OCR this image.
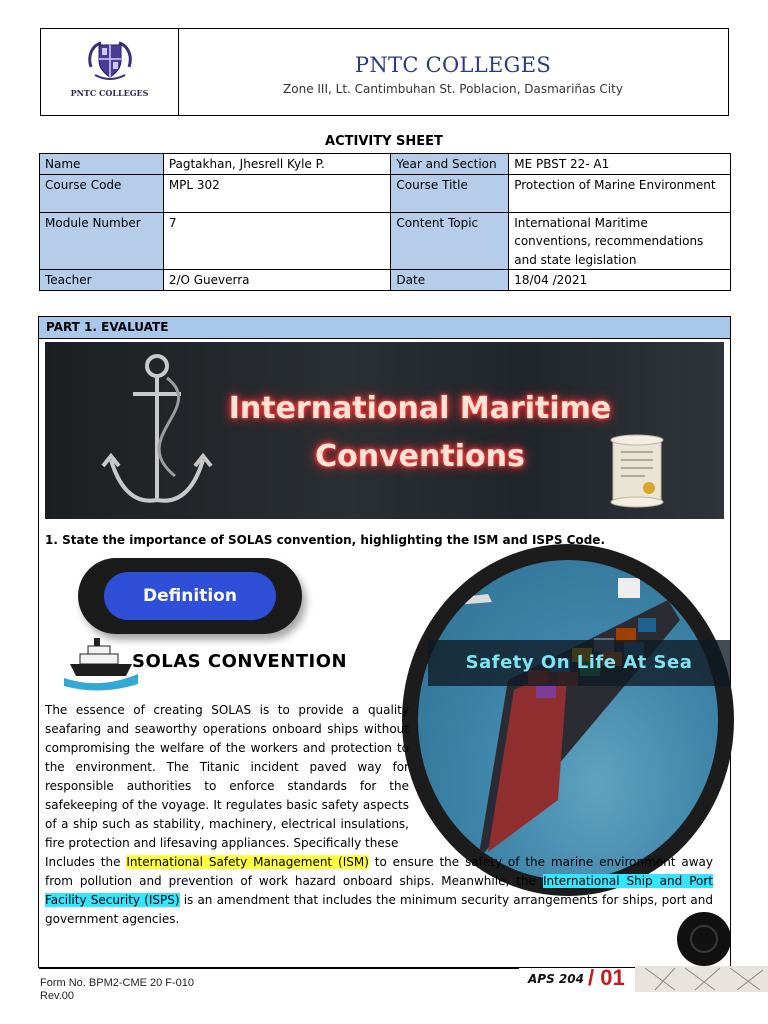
PNTC COLLEGES
PNTC COLLEGES
Zone III, Lt. Cantimbuhan St. Poblacion, Dasmariñas City
ACTIVITY SHEET
Name	Pagtakhan, Jhesrell Kyle P.	Year and Section	ME PBST 22- A1
Course Code	MPL 302	Course Title	Protection of Marine Environment
Module Number	7	Content Topic	International Maritime conventions, recommendations and state legislation
Teacher	2/O Gueverra	Date	18/04 /2021
PART 1. EVALUATE
International Maritime
Conventions
1. State the importance of SOLAS convention, highlighting the ISM and ISPS Code.
Definition
SOLAS CONVENTION	Safety On Life At Sea
The essence of creating SOLAS is to provide a quality seafaring and seaworthy operations onboard ships without compromising the welfare of the workers and protection to the environment. The Titanic incident paved way for responsible authorities to enforce standards for the safekeeping of the voyage. It regulates basic safety aspects of a ship such as stability, machinery, electrical insulations, fire protection and lifesaving appliances. Specifically these
Includes the International Safety Management (ISM) to ensure the safety of the marine environment away from pollution and prevention of work hazard onboard ships. Meanwhile, the International Ship and Port Facility Security (ISPS) is an amendment that includes the minimum security arrangements for ships, port and government agencies.
Form No. BPM2-CME 20 F-010
Rev.00
APS 204 / 01
